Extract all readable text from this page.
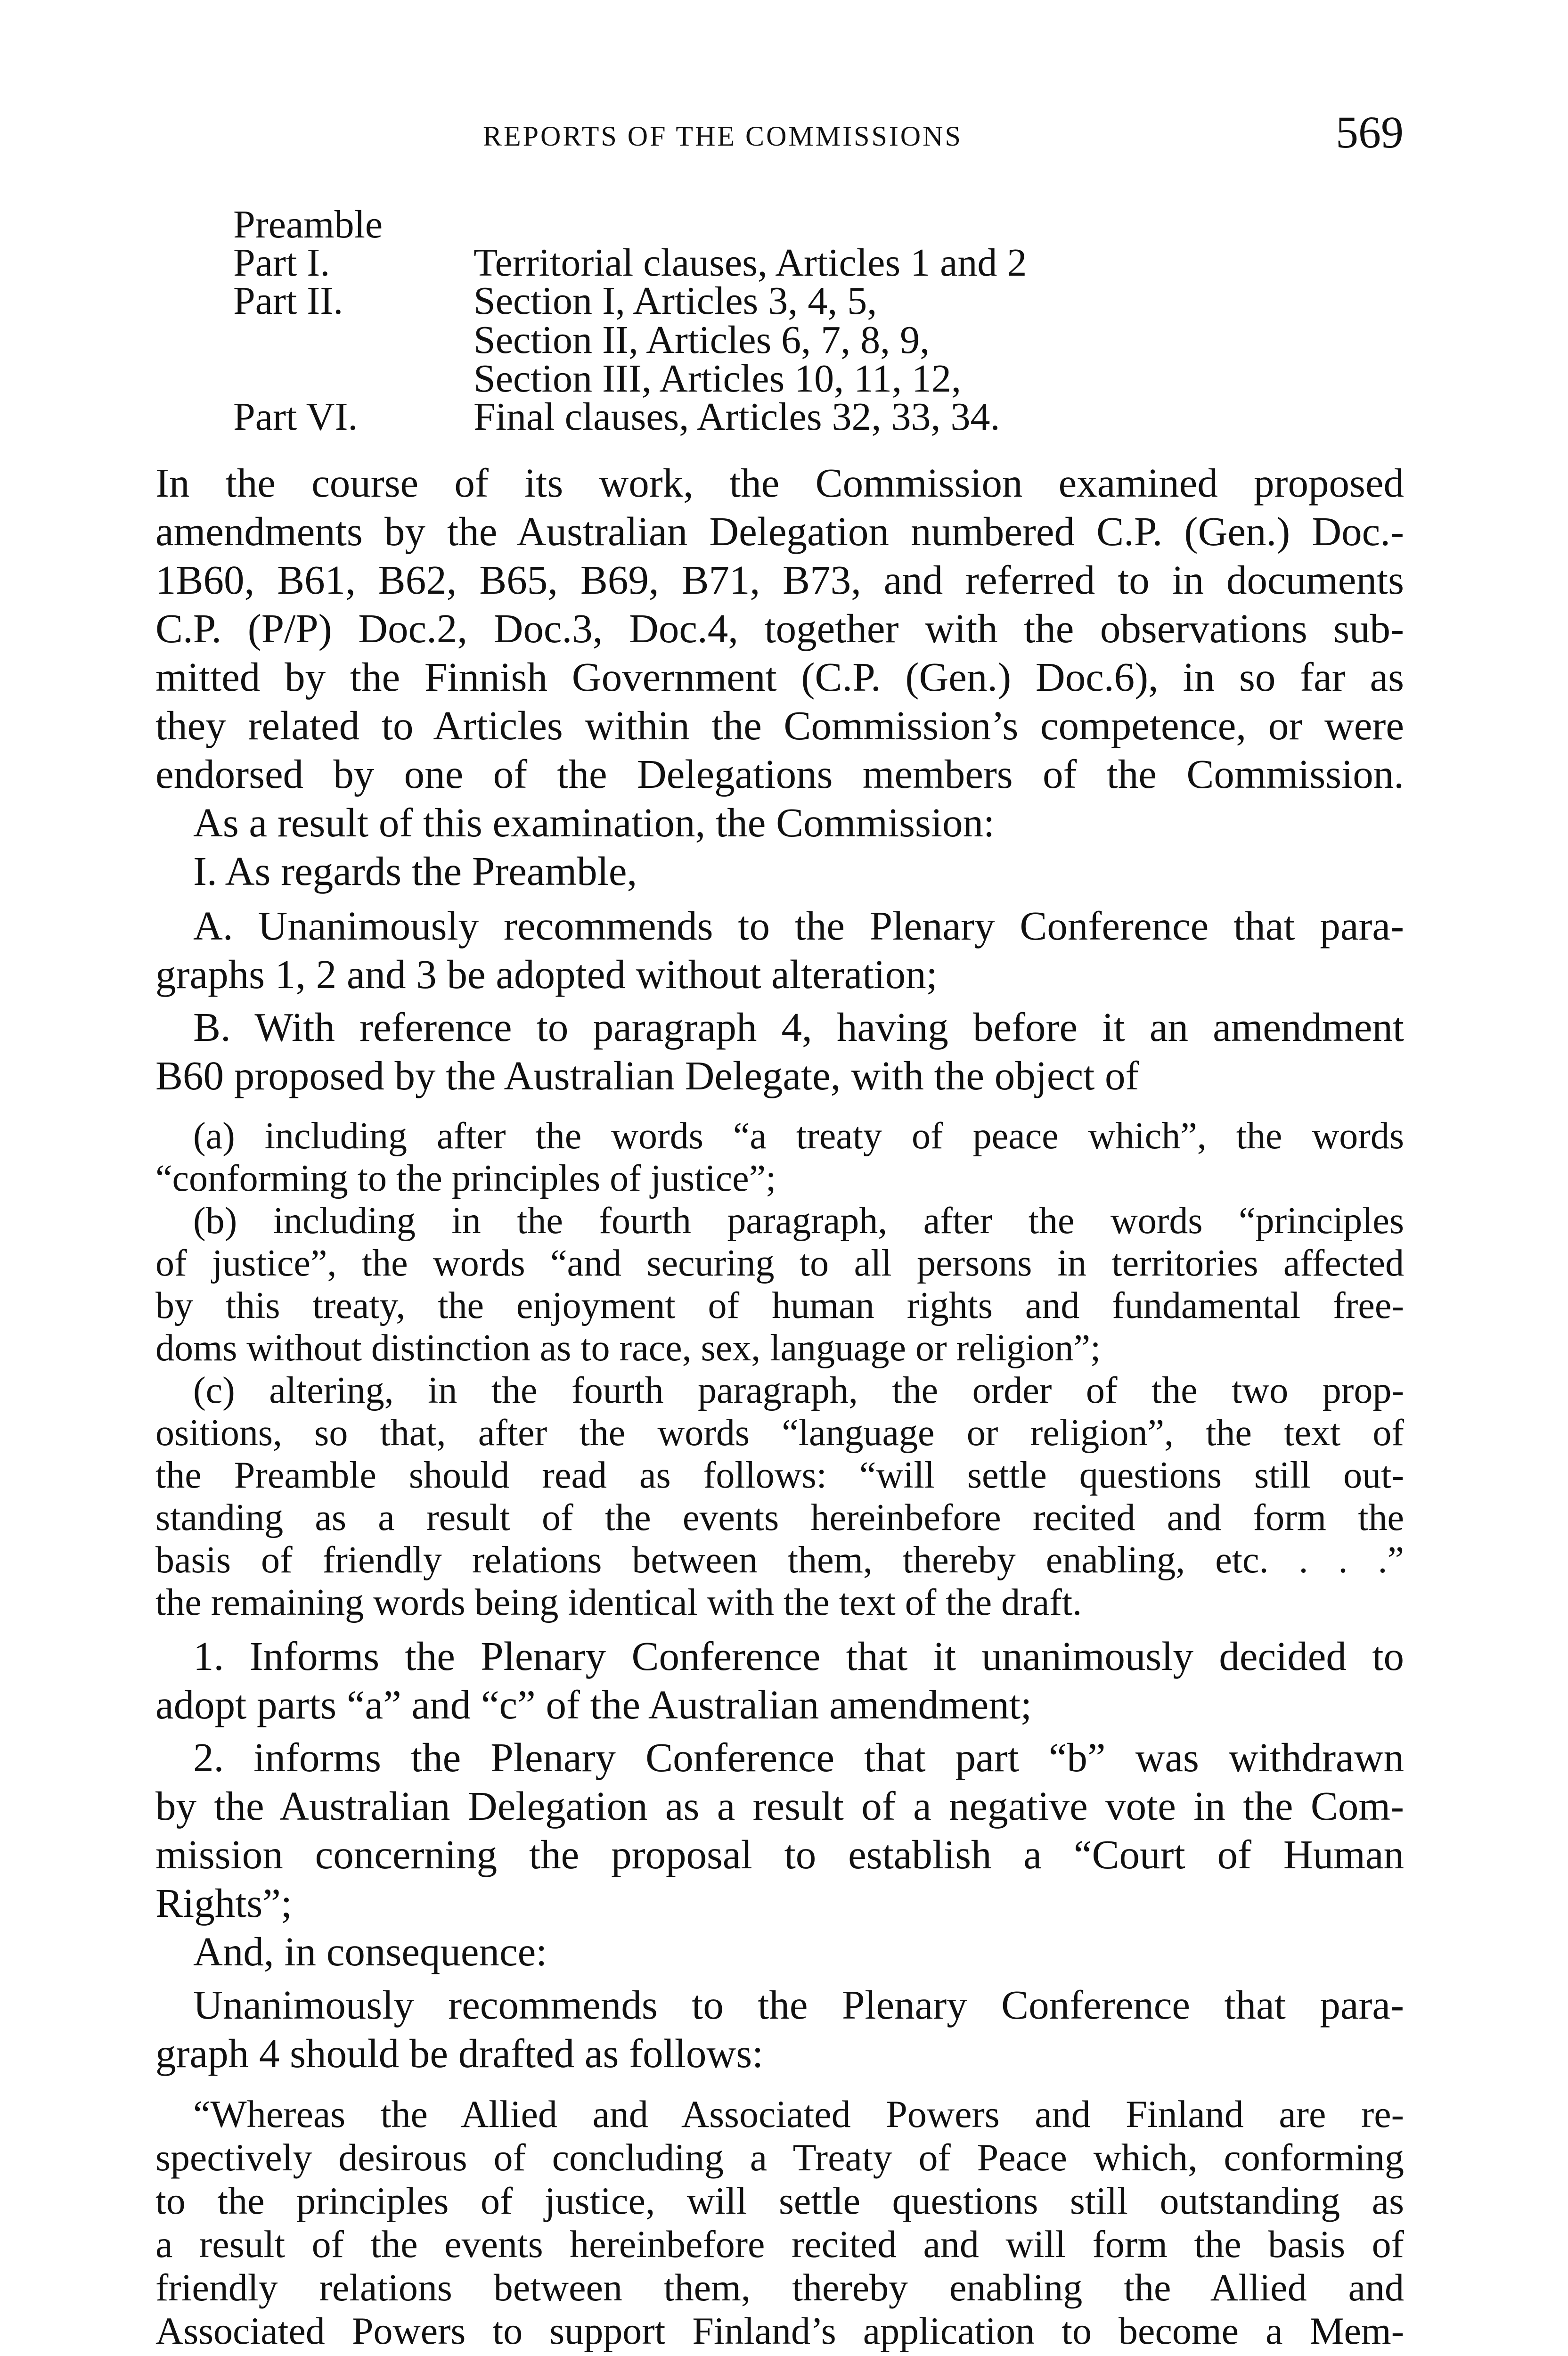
REPORTS OF THE COMMISSIONS	569
Preamble
Part I.	Territorial clauses, Articles 1 and 2
Part II.	Section I, Articles 3, 4, 5,
Section II, Articles 6, 7, 8, 9,
Section III, Articles 10, 11, 12,
Part VI.	Final clauses, Articles 32, 33, 34.
In the course of its work, the Commission examined proposed
amendments by the Australian Delegation numbered C.P. (Gen.) Doc.-
1B60, B61, B62, B65, B69, B71, B73, and referred to in documents
C.P. (P/P) Doc.2, Doc.3, Doc.4, together with the observations sub-
mitted by the Finnish Government (C.P. (Gen.) Doc.6), in so far as
they related to Articles within the Commission’s competence, or were
endorsed by one of the Delegations members of the Commission.
As a result of this examination, the Commission:
I. As regards the Preamble,
A. Unanimously recommends to the Plenary Conference that para-
graphs 1, 2 and 3 be adopted without alteration;
B. With reference to paragraph 4, having before it an amendment
B60 proposed by the Australian Delegate, with the object of
(a) including after the words “a treaty of peace which”, the words
“conforming to the principles of justice”;
(b) including in the fourth paragraph, after the words “principles
of justice”, the words “and securing to all persons in territories affected
by this treaty, the enjoyment of human rights and fundamental free-
doms without distinction as to race, sex, language or religion”;
(c) altering, in the fourth paragraph, the order of the two prop-
ositions, so that, after the words “language or religion”, the text of
the Preamble should read as follows: “will settle questions still out-
standing as a result of the events hereinbefore recited and form the
basis of friendly relations between them, thereby enabling, etc. . . .”
the remaining words being identical with the text of the draft.
1. Informs the Plenary Conference that it unanimously decided to
adopt parts “a” and “c” of the Australian amendment;
2. informs the Plenary Conference that part “b” was withdrawn
by the Australian Delegation as a result of a negative vote in the Com-
mission concerning the proposal to establish a “Court of Human
Rights”;
And, in consequence:
Unanimously recommends to the Plenary Conference that para-
graph 4 should be drafted as follows:
“Whereas the Allied and Associated Powers and Finland are re-
spectively desirous of concluding a Treaty of Peace which, conforming
to the principles of justice, will settle questions still outstanding as
a result of the events hereinbefore recited and will form the basis of
friendly relations between them, thereby enabling the Allied and
Associated Powers to support Finland’s application to become a Mem-
